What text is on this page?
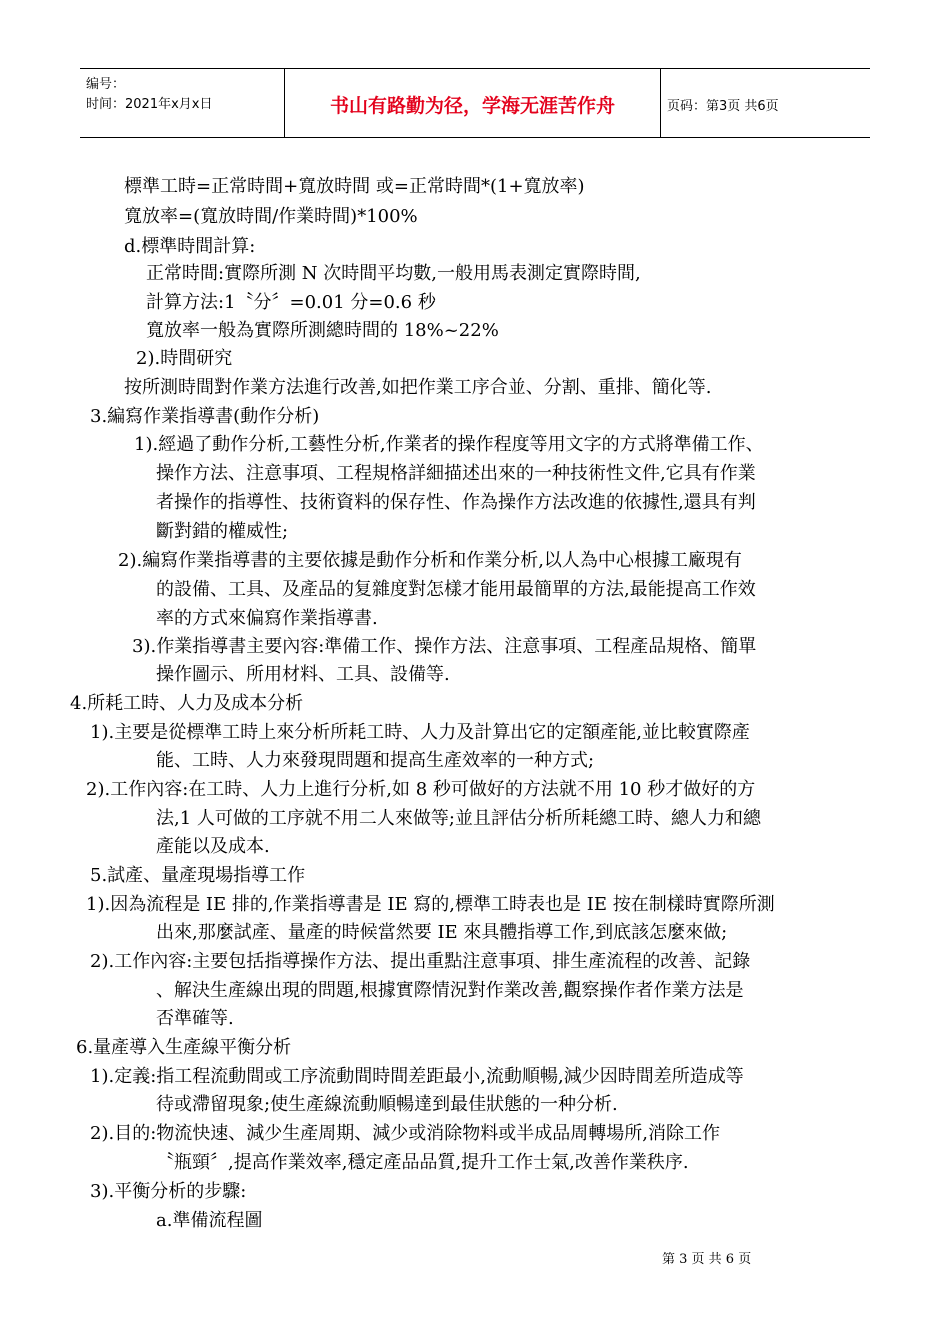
编号：
时间：2021年x月x日	书山有路勤为径，学海无涯苦作舟	页码：第3页 共6页
標準工時=正常時間+寬放時間 或=正常時間*(1+寬放率)
寬放率=(寬放時間/作業時間)*100%
d.標準時間計算:
正常時間:實際所測 N 次時間平均數,一般用馬表測定實際時間,
計算方法:1〝分〞=0.01 分=0.6 秒
寬放率一般為實際所測總時間的 18%~22%
2).時間研究
按所測時間對作業方法進行改善,如把作業工序合並、分割、重排、簡化等.
3.編寫作業指導書(動作分析)
1).經過了動作分析,工藝性分析,作業者的操作程度等用文字的方式將準備工作、
操作方法、注意事項、工程規格詳細描述出來的一种技術性文件,它具有作業
者操作的指導性、技術資料的保存性、作為操作方法改進的依據性,還具有判
斷對錯的權威性;
2).編寫作業指導書的主要依據是動作分析和作業分析,以人為中心根據工廠現有
的設備、工具、及產品的复雜度對怎樣才能用最簡單的方法,最能提高工作效
率的方式來偏寫作業指導書.
3).作業指導書主要內容:準備工作、操作方法、注意事項、工程產品規格、簡單
操作圖示、所用材料、工具、設備等.
4.所耗工時、人力及成本分析
1).主要是從標準工時上來分析所耗工時、人力及計算出它的定額產能,並比較實際產
能、工時、人力來發現問題和提高生產效率的一种方式;
2).工作內容:在工時、人力上進行分析,如 8 秒可做好的方法就不用 10 秒才做好的方
法,1 人可做的工序就不用二人來做等;並且評估分析所耗總工時、總人力和總
產能以及成本.
5.試產、量產現場指導工作
1).因為流程是 IE 排的,作業指導書是 IE 寫的,標準工時表也是 IE 按在制樣時實際所測
出來,那麼試產、量產的時候當然要 IE 來具體指導工作,到底該怎麼來做;
2).工作內容:主要包括指導操作方法、提出重點注意事項、排生產流程的改善、記錄
、解決生產線出現的問題,根據實際情況對作業改善,觀察操作者作業方法是
否準確等.
6.量產導入生產線平衡分析
1).定義:指工程流動間或工序流動間時間差距最小,流動順暢,減少因時間差所造成等
待或滯留現象;使生產線流動順暢達到最佳狀態的一种分析.
2).目的:物流快速、減少生產周期、減少或消除物料或半成品周轉場所,消除工作
〝瓶頸〞,提高作業效率,穩定產品品質,提升工作士氣,改善作業秩序.
3).平衡分析的步驟:
a.準備流程圖
第 3 页 共 6 页
